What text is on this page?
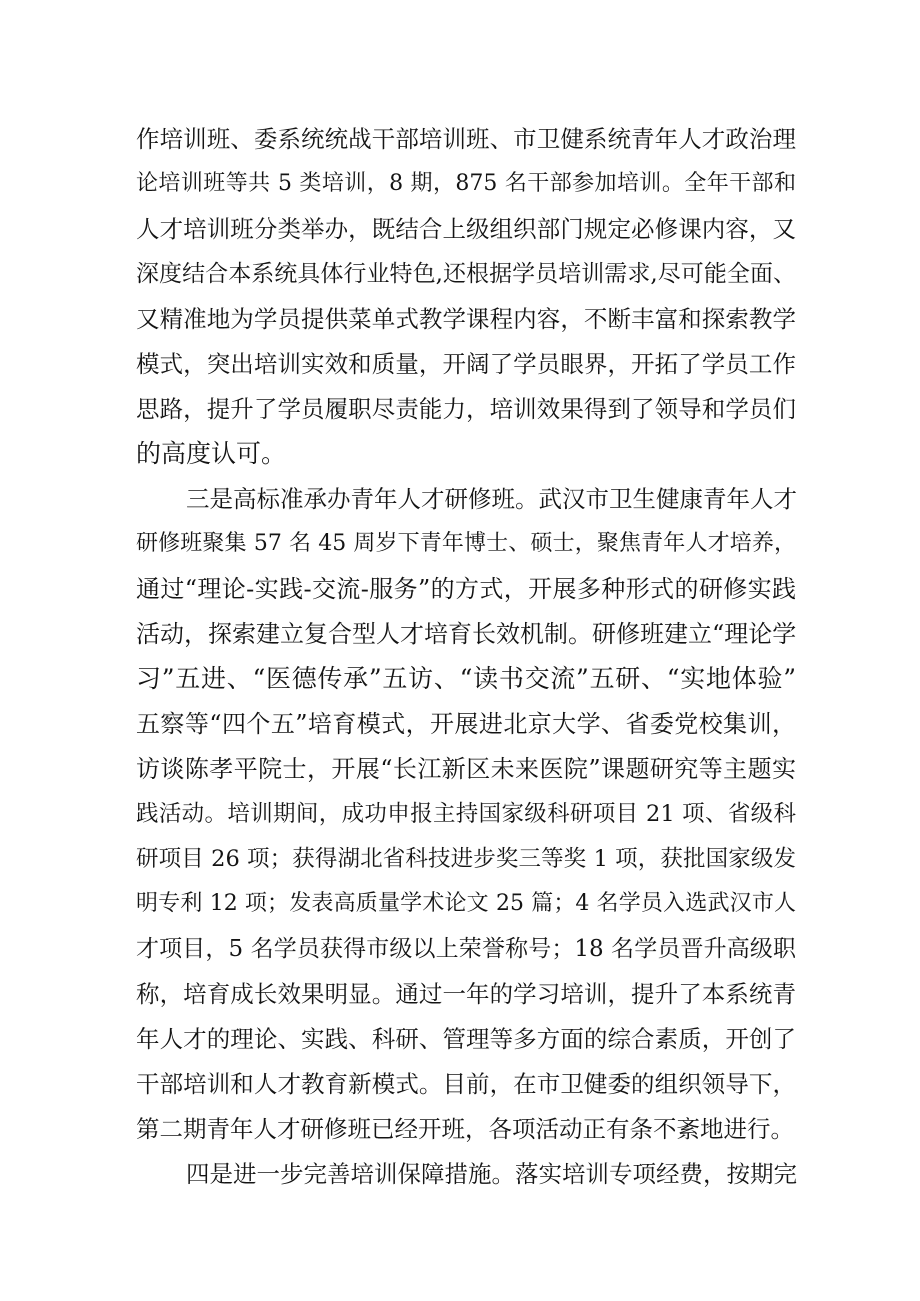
作培训班、委系统统战干部培训班、市卫健系统青年人才政治理
论培训班等共 5 类培训，8 期，875 名干部参加培训。全年干部和
人才培训班分类举办，既结合上级组织部门规定必修课内容，又
深度结合本系统具体行业特色,还根据学员培训需求,尽可能全面、
又精准地为学员提供菜单式教学课程内容，不断丰富和探索教学
模式，突出培训实效和质量，开阔了学员眼界，开拓了学员工作
思路，提升了学员履职尽责能力，培训效果得到了领导和学员们
的高度认可。
三是高标准承办青年人才研修班。武汉市卫生健康青年人才
研修班聚集 57 名 45 周岁下青年博士、硕士，聚焦青年人才培养，
通过“理论-实践-交流-服务”的方式，开展多种形式的研修实践
活动，探索建立复合型人才培育长效机制。研修班建立“理论学
习”五进、“医德传承”五访、“读书交流”五研、“实地体验”
五察等“四个五”培育模式，开展进北京大学、省委党校集训，
访谈陈孝平院士，开展“长江新区未来医院”课题研究等主题实
践活动。培训期间，成功申报主持国家级科研项目 21 项、省级科
研项目 26 项；获得湖北省科技进步奖三等奖 1 项，获批国家级发
明专利 12 项；发表高质量学术论文 25 篇；4 名学员入选武汉市人
才项目，5 名学员获得市级以上荣誉称号；18 名学员晋升高级职
称，培育成长效果明显。通过一年的学习培训，提升了本系统青
年人才的理论、实践、科研、管理等多方面的综合素质，开创了
干部培训和人才教育新模式。目前，在市卫健委的组织领导下，
第二期青年人才研修班已经开班，各项活动正有条不紊地进行。
四是进一步完善培训保障措施。落实培训专项经费，按期完
